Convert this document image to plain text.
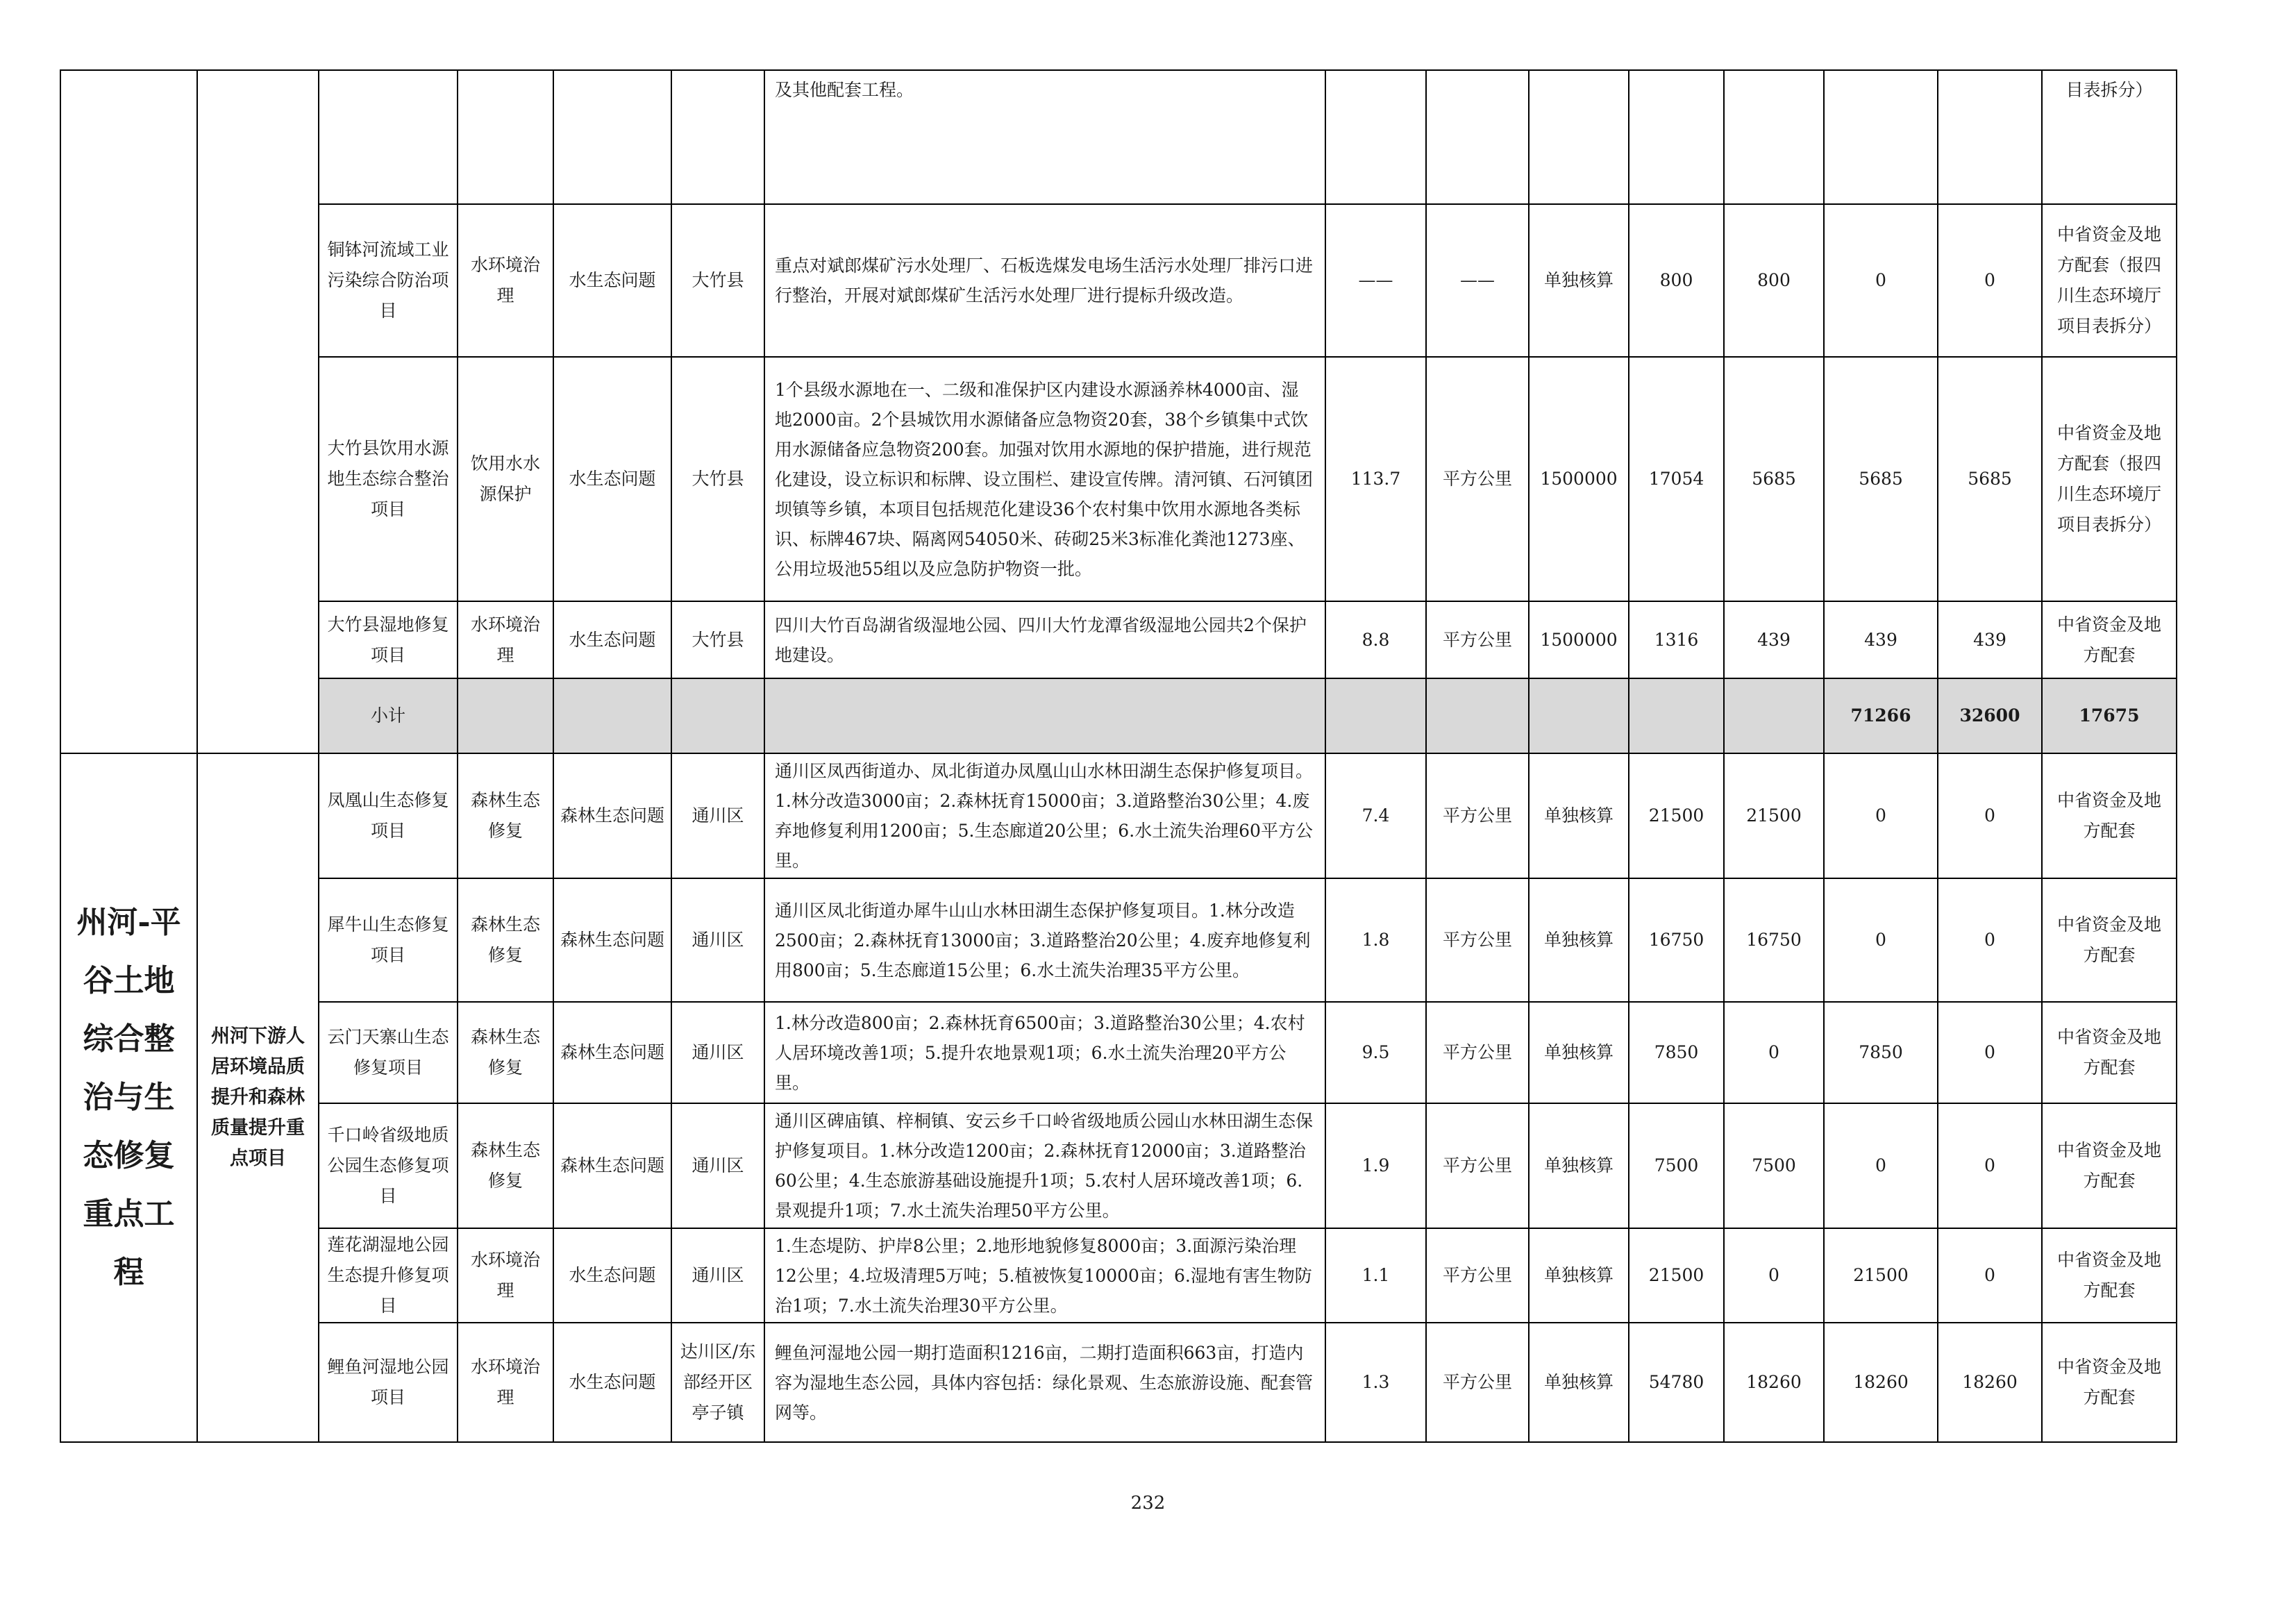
						及其他配套工程。								目表拆分）	
		铜钵河流域工业污染综合防治项目	水环境治理	水生态问题	大竹县	重点对斌郎煤矿污水处理厂、石板选煤发电场生活污水处理厂排污口进行整治，开展对斌郎煤矿生活污水处理厂进行提标升级改造。	——	——	单独核算	800	800	0	0	中省资金及地方配套（报四川生态环境厅项目表拆分）	
		大竹县饮用水源地生态综合整治项目	饮用水水源保护	水生态问题	大竹县	1个县级水源地在一、二级和准保护区内建设水源涵养林4000亩、湿地2000亩。2个县城饮用水源储备应急物资20套，38个乡镇集中式饮用水源储备应急物资200套。加强对饮用水源地的保护措施，进行规范化建设，设立标识和标牌、设立围栏、建设宣传牌。清河镇、石河镇团坝镇等乡镇，本项目包括规范化建设36个农村集中饮用水源地各类标识、标牌467块、隔离网54050米、砖砌25米3标准化粪池1273座、公用垃圾池55组以及应急防护物资一批。	113.7	平方公里	1500000	17054	5685	5685	5685	中省资金及地方配套（报四川生态环境厅项目表拆分）	
		大竹县湿地修复项目	水环境治理	水生态问题	大竹县	四川大竹百岛湖省级湿地公园、四川大竹龙潭省级湿地公园共2个保护地建设。	8.8	平方公里	1500000	1316	439	439	439	中省资金及地方配套	
		小计										71266	32600	17675		
州河-平谷土地综合整治与生态修复重点工程	州河下游人居环境品质提升和森林质量提升重点项目	凤凰山生态修复项目	森林生态修复	森林生态问题	通川区	通川区凤西街道办、凤北街道办凤凰山山水林田湖生态保护修复项目。1.林分改造3000亩；2.森林抚育15000亩；3.道路整治30公里；4.废弃地修复利用1200亩；5.生态廊道20公里；6.水土流失治理60平方公里。	7.4	平方公里	单独核算	21500	21500	0	0	中省资金及地方配套	
		犀牛山生态修复项目	森林生态修复	森林生态问题	通川区	通川区凤北街道办犀牛山山水林田湖生态保护修复项目。1.林分改造2500亩；2.森林抚育13000亩；3.道路整治20公里；4.废弃地修复利用800亩；5.生态廊道15公里；6.水土流失治理35平方公里。	1.8	平方公里	单独核算	16750	16750	0	0	中省资金及地方配套	
		云门天寨山生态修复项目	森林生态修复	森林生态问题	通川区	1.林分改造800亩；2.森林抚育6500亩；3.道路整治30公里；4.农村人居环境改善1项；5.提升农地景观1项；6.水土流失治理20平方公里。	9.5	平方公里	单独核算	7850	0	7850	0	中省资金及地方配套	
		千口岭省级地质公园生态修复项目	森林生态修复	森林生态问题	通川区	通川区碑庙镇、梓桐镇、安云乡千口岭省级地质公园山水林田湖生态保护修复项目。1.林分改造1200亩；2.森林抚育12000亩；3.道路整治60公里；4.生态旅游基础设施提升1项；5.农村人居环境改善1项；6.景观提升1项；7.水土流失治理50平方公里。	1.9	平方公里	单独核算	7500	7500	0	0	中省资金及地方配套	
		莲花湖湿地公园生态提升修复项目	水环境治理	水生态问题	通川区	1.生态堤防、护岸8公里；2.地形地貌修复8000亩；3.面源污染治理12公里；4.垃圾清理5万吨；5.植被恢复10000亩；6.湿地有害生物防治1项；7.水土流失治理30平方公里。	1.1	平方公里	单独核算	21500	0	21500	0	中省资金及地方配套	
		鲤鱼河湿地公园项目	水环境治理	水生态问题	达川区/东部经开区亭子镇	鲤鱼河湿地公园一期打造面积1216亩，二期打造面积663亩，打造内容为湿地生态公园，具体内容包括：绿化景观、生态旅游设施、配套管网等。	1.3	平方公里	单独核算	54780	18260	18260	18260	中省资金及地方配套	
232
